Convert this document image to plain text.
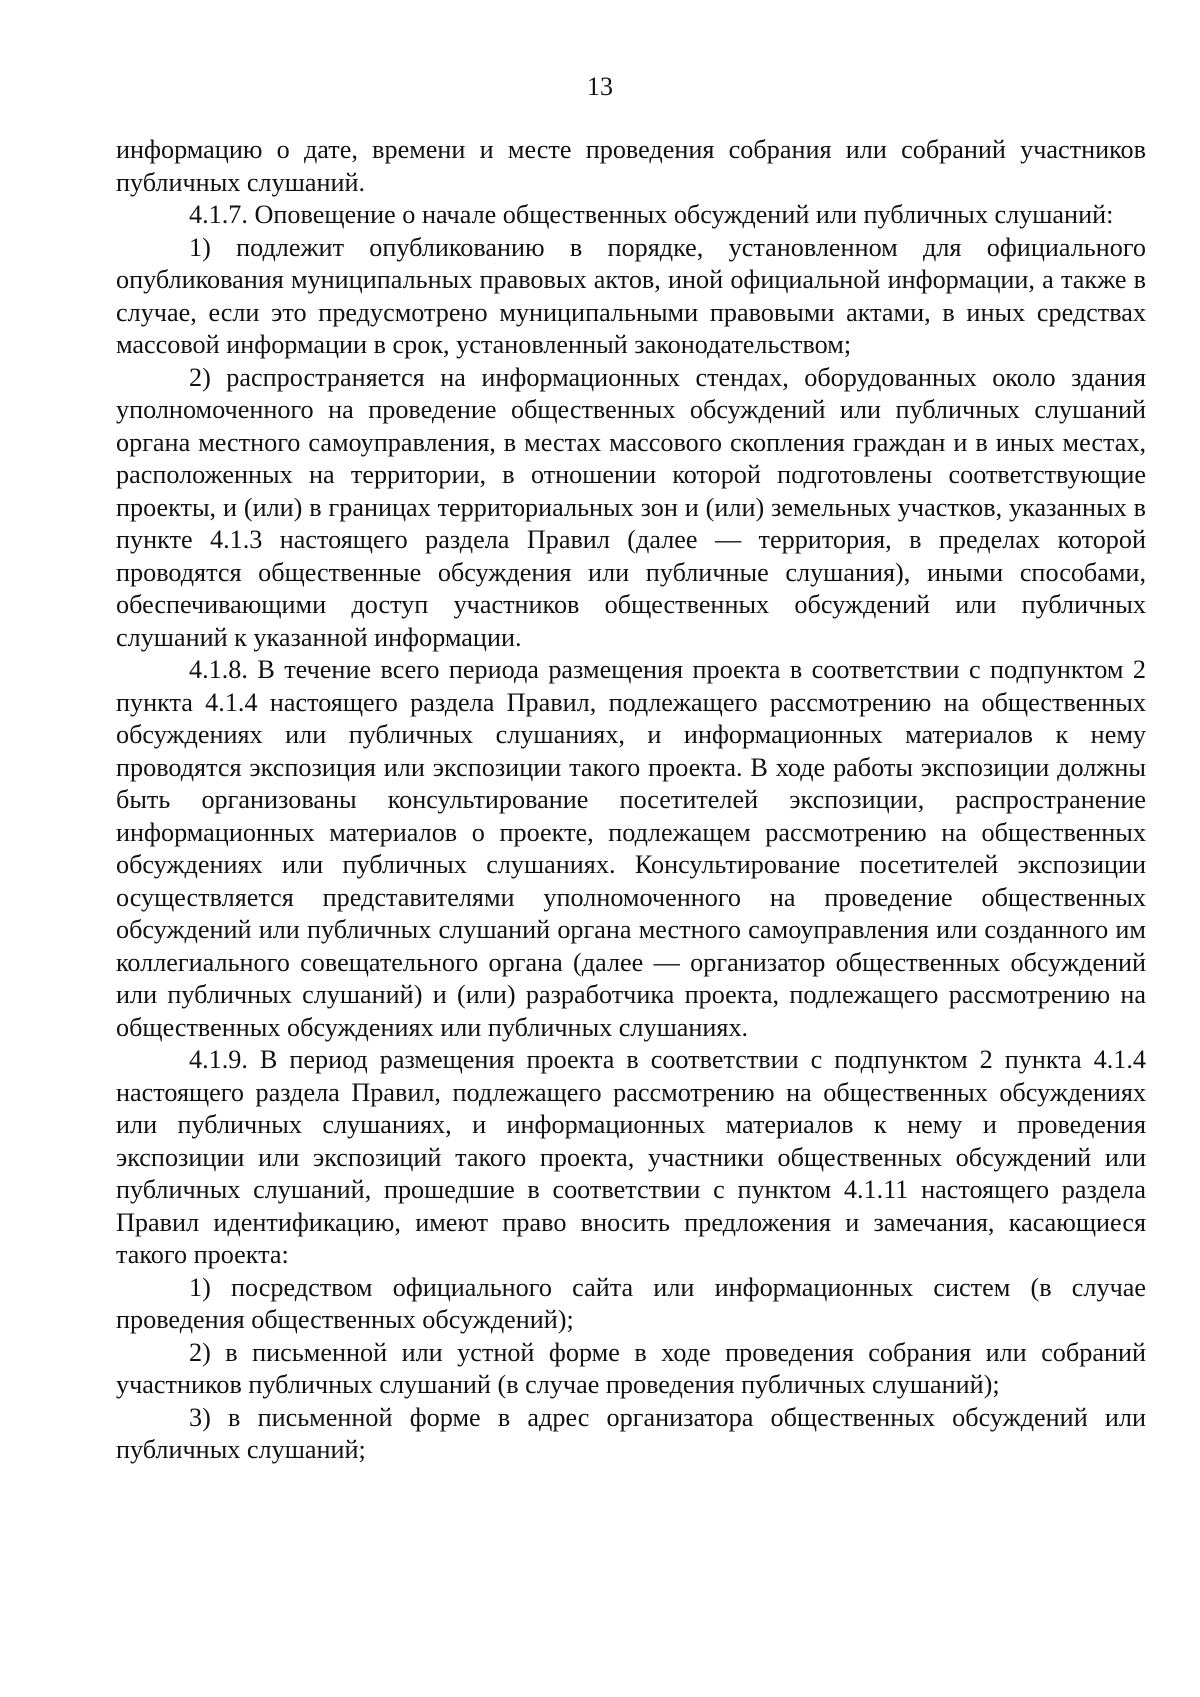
13

информацию о дате, времени и месте проведения собрания или собраний участников публичных слушаний.

4.1.7. Оповещение о начале общественных обсуждений или публичных слушаний:

1) подлежит опубликованию в порядке, установленном для официального опубликования муниципальных правовых актов, иной официальной информации, а также в случае, если это предусмотрено муниципальными правовыми актами, в иных средствах массовой информации в срок, установленный законодательством;

2) распространяется на информационных стендах, оборудованных около здания уполномоченного на проведение общественных обсуждений или публичных слушаний органа местного самоуправления, в местах массового скопления граждан и в иных местах, расположенных на территории, в отношении которой подготовлены соответствующие проекты, и (или) в границах территориальных зон и (или) земельных участков, указанных в пункте 4.1.3 настоящего раздела Правил (далее — территория, в пределах которой проводятся общественные обсуждения или публичные слушания), иными способами, обеспечивающими доступ участников общественных обсуждений или публичных слушаний к указанной информации.

4.1.8. В течение всего периода размещения проекта в соответствии с подпунктом 2 пункта 4.1.4 настоящего раздела Правил, подлежащего рассмотрению на общественных обсуждениях или публичных слушаниях, и информационных материалов к нему проводятся экспозиция или экспозиции такого проекта. В ходе работы экспозиции должны быть организованы консультирование посетителей экспозиции, распространение информационных материалов о проекте, подлежащем рассмотрению на общественных обсуждениях или публичных слушаниях. Консультирование посетителей экспозиции осуществляется представителями уполномоченного на проведение общественных обсуждений или публичных слушаний органа местного самоуправления или созданного им коллегиального совещательного органа (далее — организатор общественных обсуждений или публичных слушаний) и (или) разработчика проекта, подлежащего рассмотрению на общественных обсуждениях или публичных слушаниях.

4.1.9. В период размещения проекта в соответствии с подпунктом 2 пункта 4.1.4 настоящего раздела Правил, подлежащего рассмотрению на общественных обсуждениях или публичных слушаниях, и информационных материалов к нему и проведения экспозиции или экспозиций такого проекта, участники общественных обсуждений или публичных слушаний, прошедшие в соответствии с пунктом 4.1.11 настоящего раздела Правил идентификацию, имеют право вносить предложения и замечания, касающиеся такого проекта:

1) посредством официального сайта или информационных систем (в случае проведения общественных обсуждений);

2) в письменной или устной форме в ходе проведения собрания или собраний участников публичных слушаний (в случае проведения публичных слушаний);

3) в письменной форме в адрес организатора общественных обсуждений или публичных слушаний;
